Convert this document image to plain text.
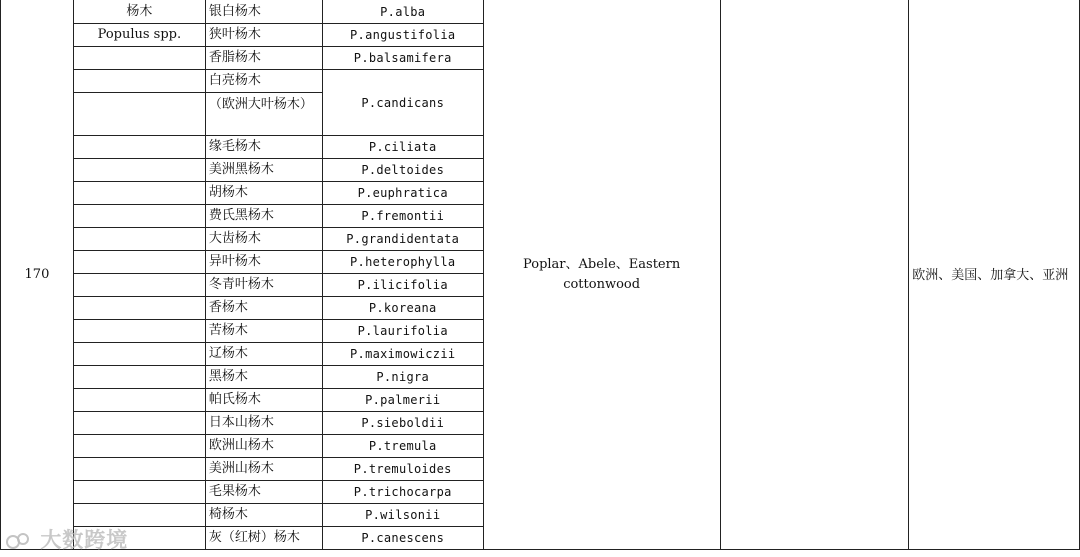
170	杨木	银白杨木	P.alba	Poplar、Abele、Eastern cottonwood		欧洲、美国、加拿大、亚洲

	Populus spp.	狭叶杨木	P.angustifolia			
		香脂杨木	P.balsamifera			
		白亮杨木	P.candicans			
		（欧洲大叶杨木）				
		缘毛杨木	P.ciliata			
		美洲黑杨木	P.deltoides			
		胡杨木	P.euphratica			
		费氏黑杨木	P.fremontii			
		大齿杨木	P.grandidentata			
		异叶杨木	P.heterophylla			
		冬青叶杨木	P.ilicifolia			
		香杨木	P.koreana			
		苦杨木	P.laurifolia			
		辽杨木	P.maximowiczii			
		黑杨木	P.nigra			
		帕氏杨木	P.palmerii			
		日本山杨木	P.sieboldii			
		欧洲山杨木	P.tremula			
		美洲山杨木	P.tremuloides			
		毛果杨木	P.trichocarpa			
		椅杨木	P.wilsonii			
		灰（红树）杨木	P.canescens			
大数跨境
